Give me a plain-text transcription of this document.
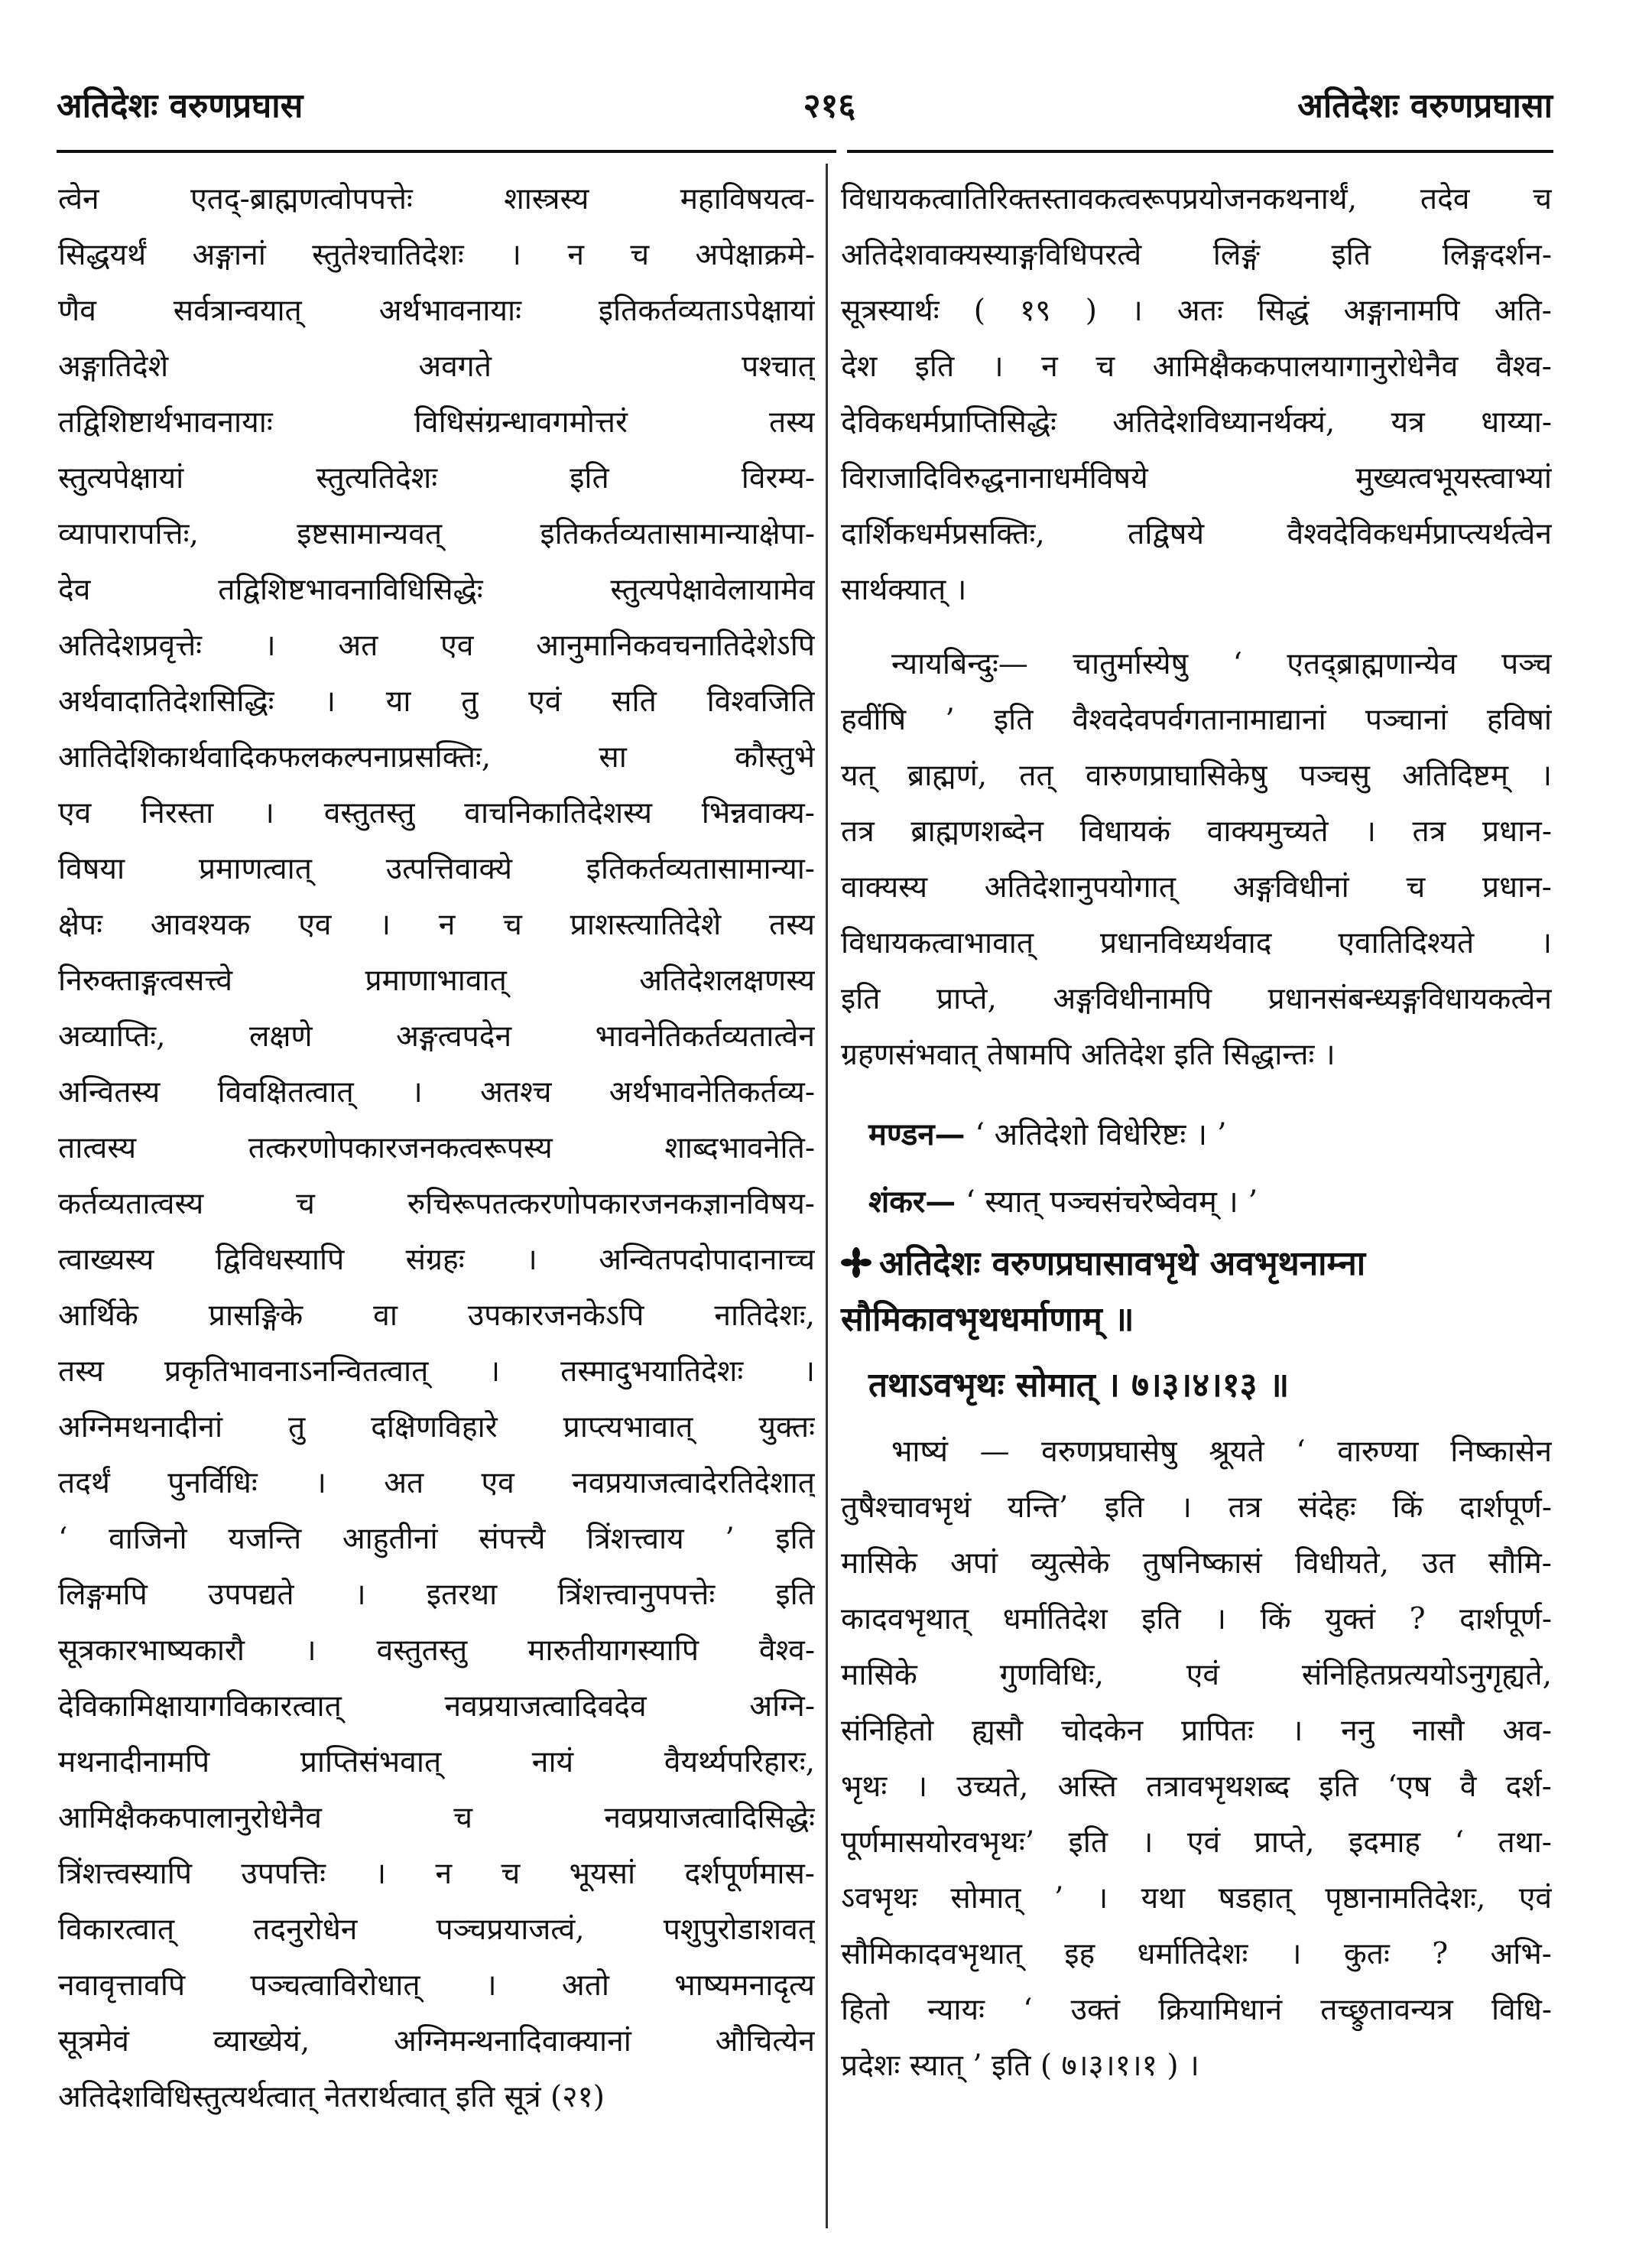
अतिदेशः वरुणप्रघास	२१६	अतिदेशः वरुणप्रघासा
त्वेन एतद्-ब्राह्मणत्वोपपत्तेः शास्त्रस्य महाविषयत्व-
सिद्धयर्थं अङ्गानां स्तुतेश्चातिदेशः । न च अपेक्षाक्रमे-
णैव सर्वत्रान्वयात् अर्थभावनायाः इतिकर्तव्यताऽपेक्षायां
अङ्गातिदेशे अवगते पश्चात्
तद्विशिष्टार्थभावनायाः विधिसंग्रन्धावगमोत्तरं तस्य
स्तुत्यपेक्षायां स्तुत्यतिदेशः इति विरम्य-
व्यापारापत्तिः, इष्टसामान्यवत् इतिकर्तव्यतासामान्याक्षेपा-
देव तद्विशिष्टभावनाविधिसिद्धेः स्तुत्यपेक्षावेलायामेव
अतिदेशप्रवृत्तेः । अत एव आनुमानिकवचनातिदेशेऽपि
अर्थवादातिदेशसिद्धिः । या तु एवं सति विश्वजिति
आतिदेशिकार्थवादिकफलकल्पनाप्रसक्तिः, सा कौस्तुभे
एव निरस्ता । वस्तुतस्तु वाचनिकातिदेशस्य भिन्नवाक्य-
विषया प्रमाणत्वात् उत्पत्तिवाक्ये इतिकर्तव्यतासामान्या-
क्षेपः आवश्यक एव । न च प्राशस्त्यातिदेशे तस्य
निरुक्ताङ्गत्वसत्त्वे प्रमाणाभावात् अतिदेशलक्षणस्य
अव्याप्तिः, लक्षणे अङ्गत्वपदेन भावनेतिकर्तव्यतात्वेन
अन्वितस्य विवक्षितत्वात् । अतश्च अर्थभावनेतिकर्तव्य-
तात्वस्य तत्करणोपकारजनकत्वरूपस्य शाब्दभावनेति-
कर्तव्यतात्वस्य च रुचिरूपतत्करणोपकारजनकज्ञानविषय-
त्वाख्यस्य द्विविधस्यापि संग्रहः । अन्वितपदोपादानाच्च
आर्थिके प्रासङ्गिके वा उपकारजनकेऽपि नातिदेशः,
तस्य प्रकृतिभावनाऽनन्वितत्वात् । तस्मादुभयातिदेशः ।
अग्निमथनादीनां तु दक्षिणविहारे प्राप्त्यभावात् युक्तः
तदर्थं पुनर्विधिः । अत एव नवप्रयाजत्वादेरतिदेशात्
‘ वाजिनो यजन्ति आहुतीनां संपत्त्यै त्रिंशत्त्वाय ’ इति
लिङ्गमपि उपपद्यते । इतरथा त्रिंशत्त्वानुपपत्तेः इति
सूत्रकारभाष्यकारौ । वस्तुतस्तु मारुतीयागस्यापि वैश्व-
देविकामिक्षायागविकारत्वात् नवप्रयाजत्वादिवदेव अग्नि-
मथनादीनामपि प्राप्तिसंभवात् नायं वैयर्थ्यपरिहारः,
आमिक्षैककपालानुरोधेनैव च नवप्रयाजत्वादिसिद्धेः
त्रिंशत्त्वस्यापि उपपत्तिः । न च भूयसां दर्शपूर्णमास-
विकारत्वात् तदनुरोधेन पञ्चप्रयाजत्वं, पशुपुरोडाशवत्
नवावृत्तावपि पञ्चत्वाविरोधात् । अतो भाष्यमनादृत्य
सूत्रमेवं व्याख्येयं, अग्निमन्थनादिवाक्यानां औचित्येन
अतिदेशविधिस्तुत्यर्थत्वात् नेतरार्थत्वात् इति सूत्रं (२१)
विधायकत्वातिरिक्तस्तावकत्वरूपप्रयोजनकथनार्थं, तदेव च
अतिदेशवाक्यस्याङ्गविधिपरत्वे लिङ्गं इति लिङ्गदर्शन-
सूत्रस्यार्थः ( १९ ) । अतः सिद्धं अङ्गानामपि अति-
देश इति । न च आमिक्षैककपालयागानुरोधेनैव वैश्व-
देविकधर्मप्राप्तिसिद्धेः अतिदेशविध्यानर्थक्यं, यत्र धाय्या-
विराजादिविरुद्धनानाधर्मविषये मुख्यत्वभूयस्त्वाभ्यां
दार्शिकधर्मप्रसक्तिः, तद्विषये वैश्वदेविकधर्मप्राप्त्यर्थत्वेन
सार्थक्यात् ।
न्यायबिन्दुः— चातुर्मास्येषु ‘ एतद्ब्राह्मणान्येव पञ्च
हवींषि ’ इति वैश्वदेवपर्वगतानामाद्यानां पञ्चानां हविषां
यत् ब्राह्मणं, तत् वारुणप्राघासिकेषु पञ्चसु अतिदिष्टम् ।
तत्र ब्राह्मणशब्देन विधायकं वाक्यमुच्यते । तत्र प्रधान-
वाक्यस्य अतिदेशानुपयोगात् अङ्गविधीनां च प्रधान-
विधायकत्वाभावात् प्रधानविध्यर्थवाद एवातिदिश्यते ।
इति प्राप्ते, अङ्गविधीनामपि प्रधानसंबन्ध्यङ्गविधायकत्वेन
ग्रहणसंभवात् तेषामपि अतिदेश इति सिद्धान्तः ।
मण्डन— ‘ अतिदेशो विधेरिष्टः । ’
शंकर— ‘ स्यात् पञ्चसंचरेष्वेवम् । ’
अतिदेशः वरुणप्रघासावभृथे अवभृथनाम्ना
सौमिकावभृथधर्माणाम् ॥
तथाऽवभृथः सोमात् । ७।३।४।१३ ॥
भाष्यं — वरुणप्रघासेषु श्रूयते ‘ वारुण्या निष्कासेन
तुषैश्चावभृथं यन्ति’ इति । तत्र संदेहः किं दार्शपूर्ण-
मासिके अपां व्युत्सेके तुषनिष्कासं विधीयते, उत सौमि-
कादवभृथात् धर्मातिदेश इति । किं युक्तं ? दार्शपूर्ण-
मासिके गुणविधिः, एवं संनिहितप्रत्ययोऽनुगृह्यते,
संनिहितो ह्यसौ चोदकेन प्रापितः । ननु नासौ अव-
भृथः । उच्यते, अस्ति तत्रावभृथशब्द इति ‘एष वै दर्श-
पूर्णमासयोरवभृथः’ इति । एवं प्राप्ते, इदमाह ‘ तथा-
ऽवभृथः सोमात् ’ । यथा षडहात् पृष्ठानामतिदेशः, एवं
सौमिकादवभृथात् इह धर्मातिदेशः । कुतः ? अभि-
हितो न्यायः ‘ उक्तं क्रियामिधानं तच्छ्रुतावन्यत्र विधि-
प्रदेशः स्यात् ’ इति ( ७।३।१।१ ) ।
